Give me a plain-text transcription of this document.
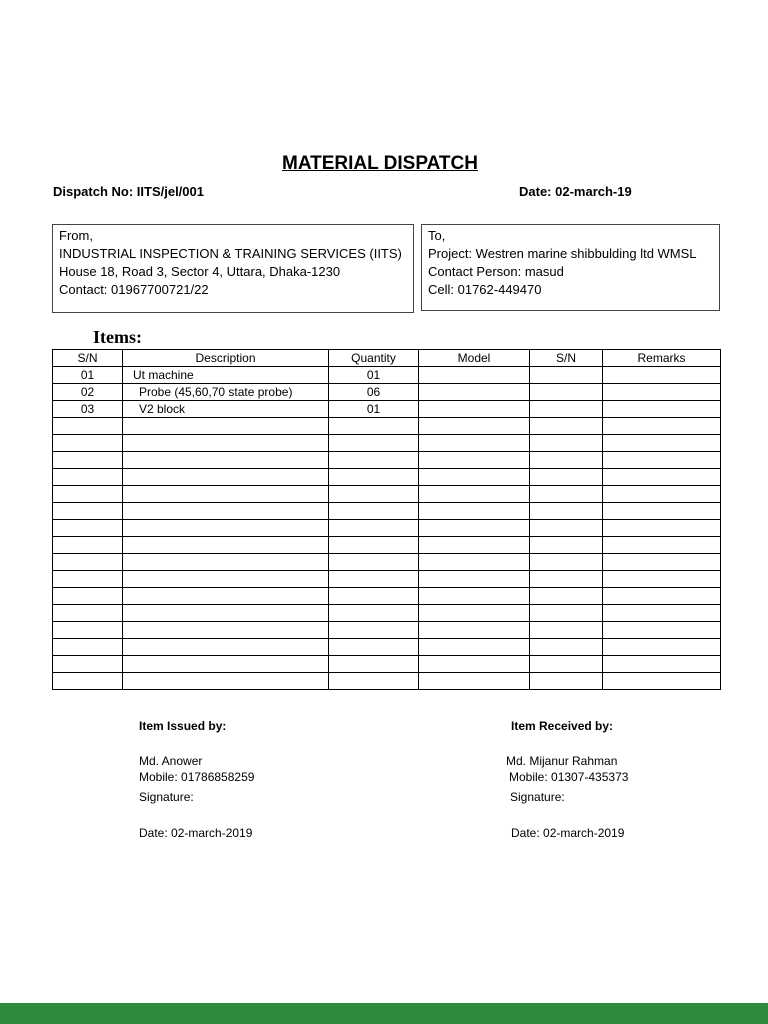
MATERIAL DISPATCH
Dispatch No: IITS/jel/001	Date: 02-march-19
From,
INDUSTRIAL INSPECTION & TRAINING SERVICES (IITS)
House 18, Road 3, Sector 4, Uttara, Dhaka-1230
Contact: 01967700721/22
To,
Project: Westren marine shibbulding ltd WMSL
Contact Person: masud
Cell: 01762-449470
Items:
S/N	Description	Quantity	Model	S/N	Remarks
01	Ut machine	01			
02	Probe (45,60,70 state probe)	06			
03	V2 block	01			

Item Issued by:
Md. Anower
Mobile: 01786858259
Signature:
Date: 02-march-2019
Item Received by:
Md. Mijanur Rahman
Mobile: 01307-435373
Signature:
Date: 02-march-2019
